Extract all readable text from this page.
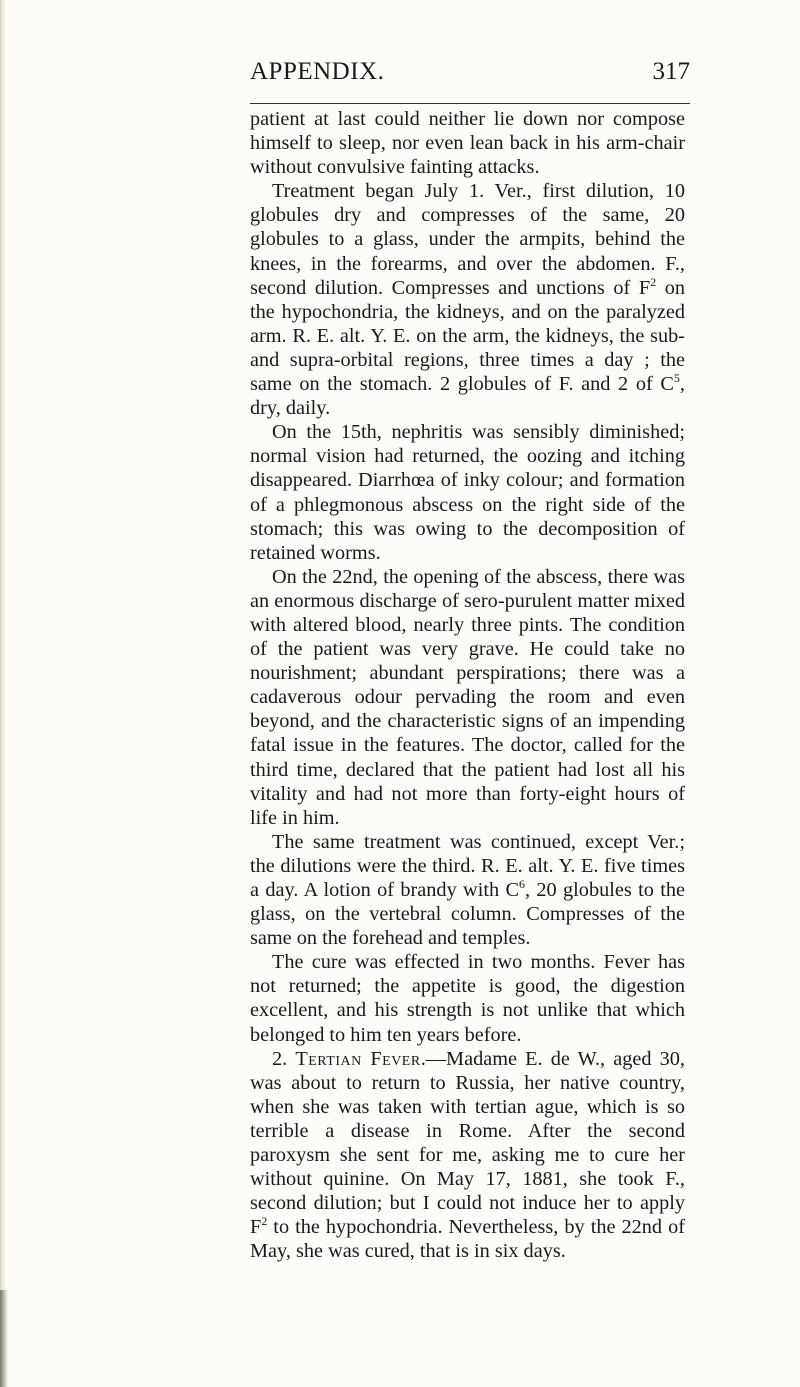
APPENDIX.	317

patient at last could neither lie down nor compose himself to sleep, nor even lean back in his arm-chair without convulsive fainting attacks.

Treatment began July 1. Ver., first dilution, 10 globules dry and compresses of the same, 20 globules to a glass, under the armpits, behind the knees, in the forearms, and over the abdomen. F., second dilution. Compresses and unctions of $F^2$ on the hypochondria, the kidneys, and on the paralyzed arm. R. E. alt. Y. E. on the arm, the kidneys, the sub- and supra-orbital regions, three times a day ; the same on the stomach. 2 globules of F. and 2 of $C^5$, dry, daily.

On the 15th, nephritis was sensibly diminished; normal vision had returned, the oozing and itching disappeared. Diarrhœa of inky colour; and formation of a phlegmonous abscess on the right side of the stomach; this was owing to the decomposition of retained worms.

On the 22nd, the opening of the abscess, there was an enormous discharge of sero-purulent matter mixed with altered blood, nearly three pints. The condition of the patient was very grave. He could take no nourishment; abundant perspirations; there was a cadaverous odour pervading the room and even beyond, and the characteristic signs of an impending fatal issue in the features. The doctor, called for the third time, declared that the patient had lost all his vitality and had not more than forty-eight hours of life in him.

The same treatment was continued, except Ver.; the dilutions were the third. R. E. alt. Y. E. five times a day. A lotion of brandy with $C^6$, 20 globules to the glass, on the vertebral column. Compresses of the same on the forehead and temples.

The cure was effected in two months. Fever has not returned; the appetite is good, the digestion excellent, and his strength is not unlike that which belonged to him ten years before.

2. Tertian Fever.—Madame E. de W., aged 30, was about to return to Russia, her native country, when she was taken with tertian ague, which is so terrible a disease in Rome. After the second paroxysm she sent for me, asking me to cure her without quinine. On May 17, 1881, she took F., second dilution; but I could not induce her to apply $F^2$ to the hypochondria. Nevertheless, by the 22nd of May, she was cured, that is in six days.
